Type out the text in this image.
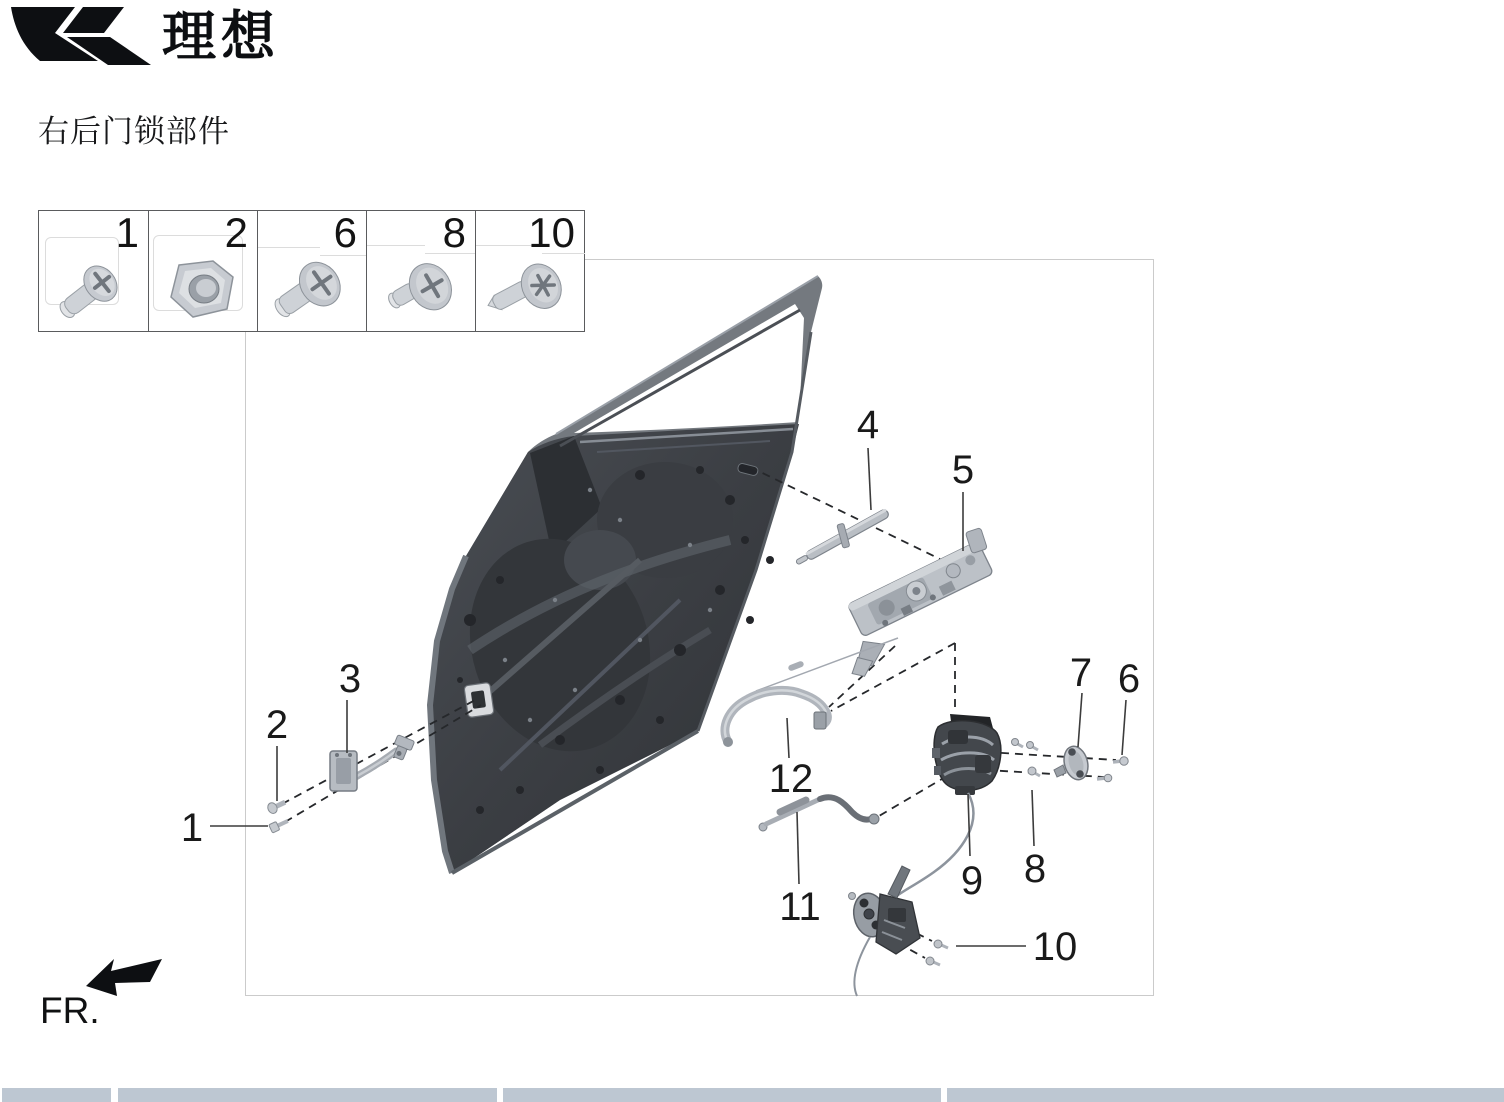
理想
右后门锁部件
1 2 6 8 10
1
2
3
4
5
6
7
8
9
10
11
12
FR.
